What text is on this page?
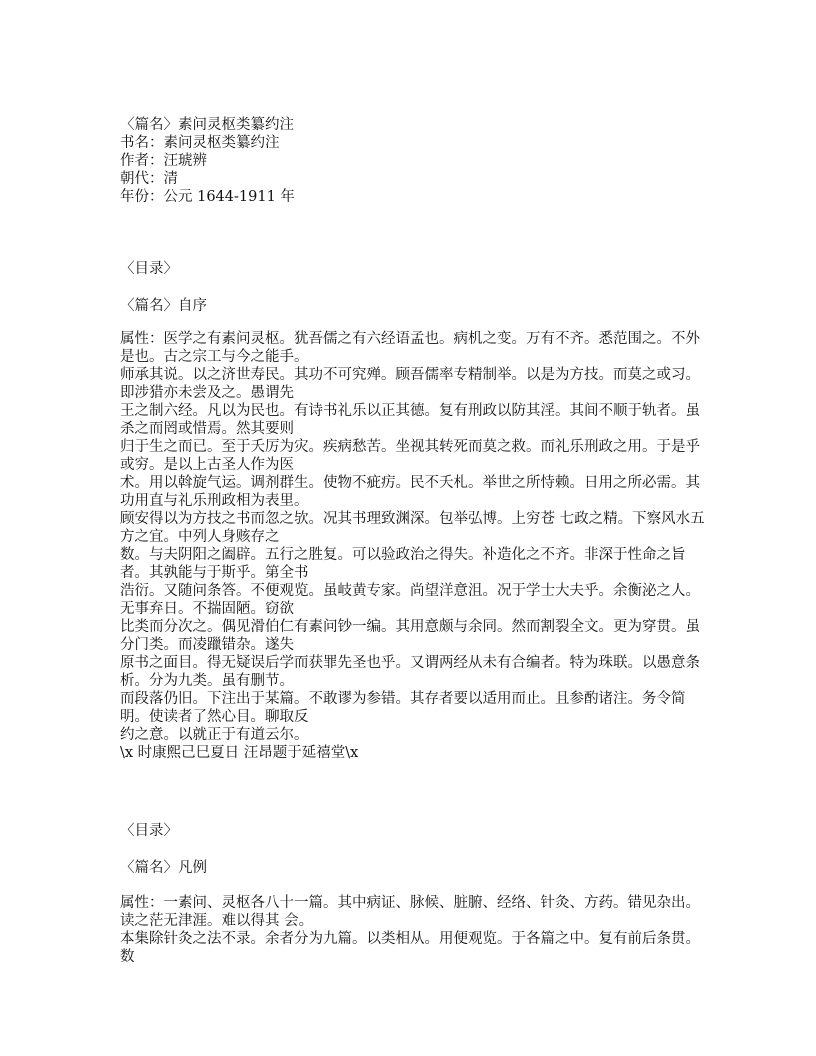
〈篇名〉素问灵枢类纂约注
书名：素问灵枢类纂约注
作者：汪琥辨
朝代：清
年份：公元 1644-1911 年
〈目录〉
〈篇名〉自序
属性：医学之有素问灵枢。犹吾儒之有六经语孟也。病机之变。万有不齐。悉范围之。不外是也。古之宗工与今之能手。
师承其说。以之济世寿民。其功不可究殚。顾吾儒率专精制举。以是为方技。而莫之或习。即涉猎亦未尝及之。愚谓先
王之制六经。凡以为民也。有诗书礼乐以正其德。复有刑政以防其淫。其间不顺于轨者。虽杀之而罔或惜焉。然其要则
归于生之而已。至于夭厉为灾。疾病愁苦。坐视其转死而莫之救。而礼乐刑政之用。于是乎或穷。是以上古圣人作为医
术。用以斡旋气运。调剂群生。使物不疵疠。民不夭札。举世之所恃赖。日用之所必需。其功用直与礼乐刑政相为表里。
顾安得以为方技之书而忽之欤。况其书理致渊深。包举弘博。上穷苍 七政之精。下察风水五方之宜。中列人身赅存之
数。与夫阴阳之阖辟。五行之胜复。可以验政治之得失。补造化之不齐。非深于性命之旨者。其孰能与于斯乎。第全书
浩衍。又随问条答。不便观览。虽岐黄专家。尚望洋意沮。况于学士大夫乎。余衡泌之人。无事弃日。不揣固陋。窃欲
比类而分次之。偶见滑伯仁有素问钞一编。其用意颇与余同。然而割裂全文。更为穿贯。虽分门类。而凌躐错杂。遂失
原书之面目。得无疑误后学而获罪先圣也乎。又谓两经从未有合编者。特为珠联。以愚意条析。分为九类。虽有删节。
而段落仍旧。下注出于某篇。不敢谬为参错。其存者要以适用而止。且参酌诸注。务令简明。使读者了然心目。聊取反
约之意。以就正于有道云尔。
\x 时康熙己巳夏日 汪昂题于延禧堂\x
〈目录〉
〈篇名〉凡例
属性：一素问、灵枢各八十一篇。其中病证、脉候、脏腑、经络、针灸、方药。错见杂出。读之茫无津涯。难以得其 会。
本集除针灸之法不录。余者分为九篇。以类相从。用便观览。于各篇之中。复有前后条贯。数
